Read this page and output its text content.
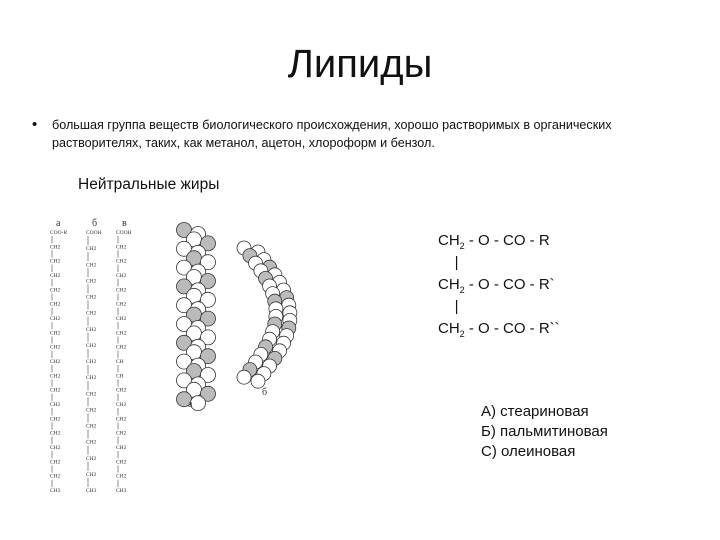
Липиды
• большая группа веществ биологического происхождения, хорошо растворимых в органических растворителях, таких, как метанол, ацетон, хлороформ и бензол.
Нейтральные жиры
а	б в
COO-R
CH2
CH2
CH2
CH2
CH2
CH2
CH2
CH2
CH2
CH2
CH2
CH2
CH2
CH2
CH2
CH2
CH2
CH3
COOH
CH2
CH2
CH2
CH2
CH2
CH2
CH2
CH2
CH2
CH2
CH2
CH2
CH2
CH2
CH2
CH3
COOH
CH2
CH2
CH2
CH2
CH2
CH2
CH2
CH2
CH
CH
CH2
CH2
CH2
CH2
CH2
CH2
CH2
CH3
а
б
$CH_2$ - O - CO - R
|
$CH_2$ - O - CO - R`
|
$CH_2$ - O - CO - R``
А) стеариновая
Б) пальмитиновая
С) олеиновая
